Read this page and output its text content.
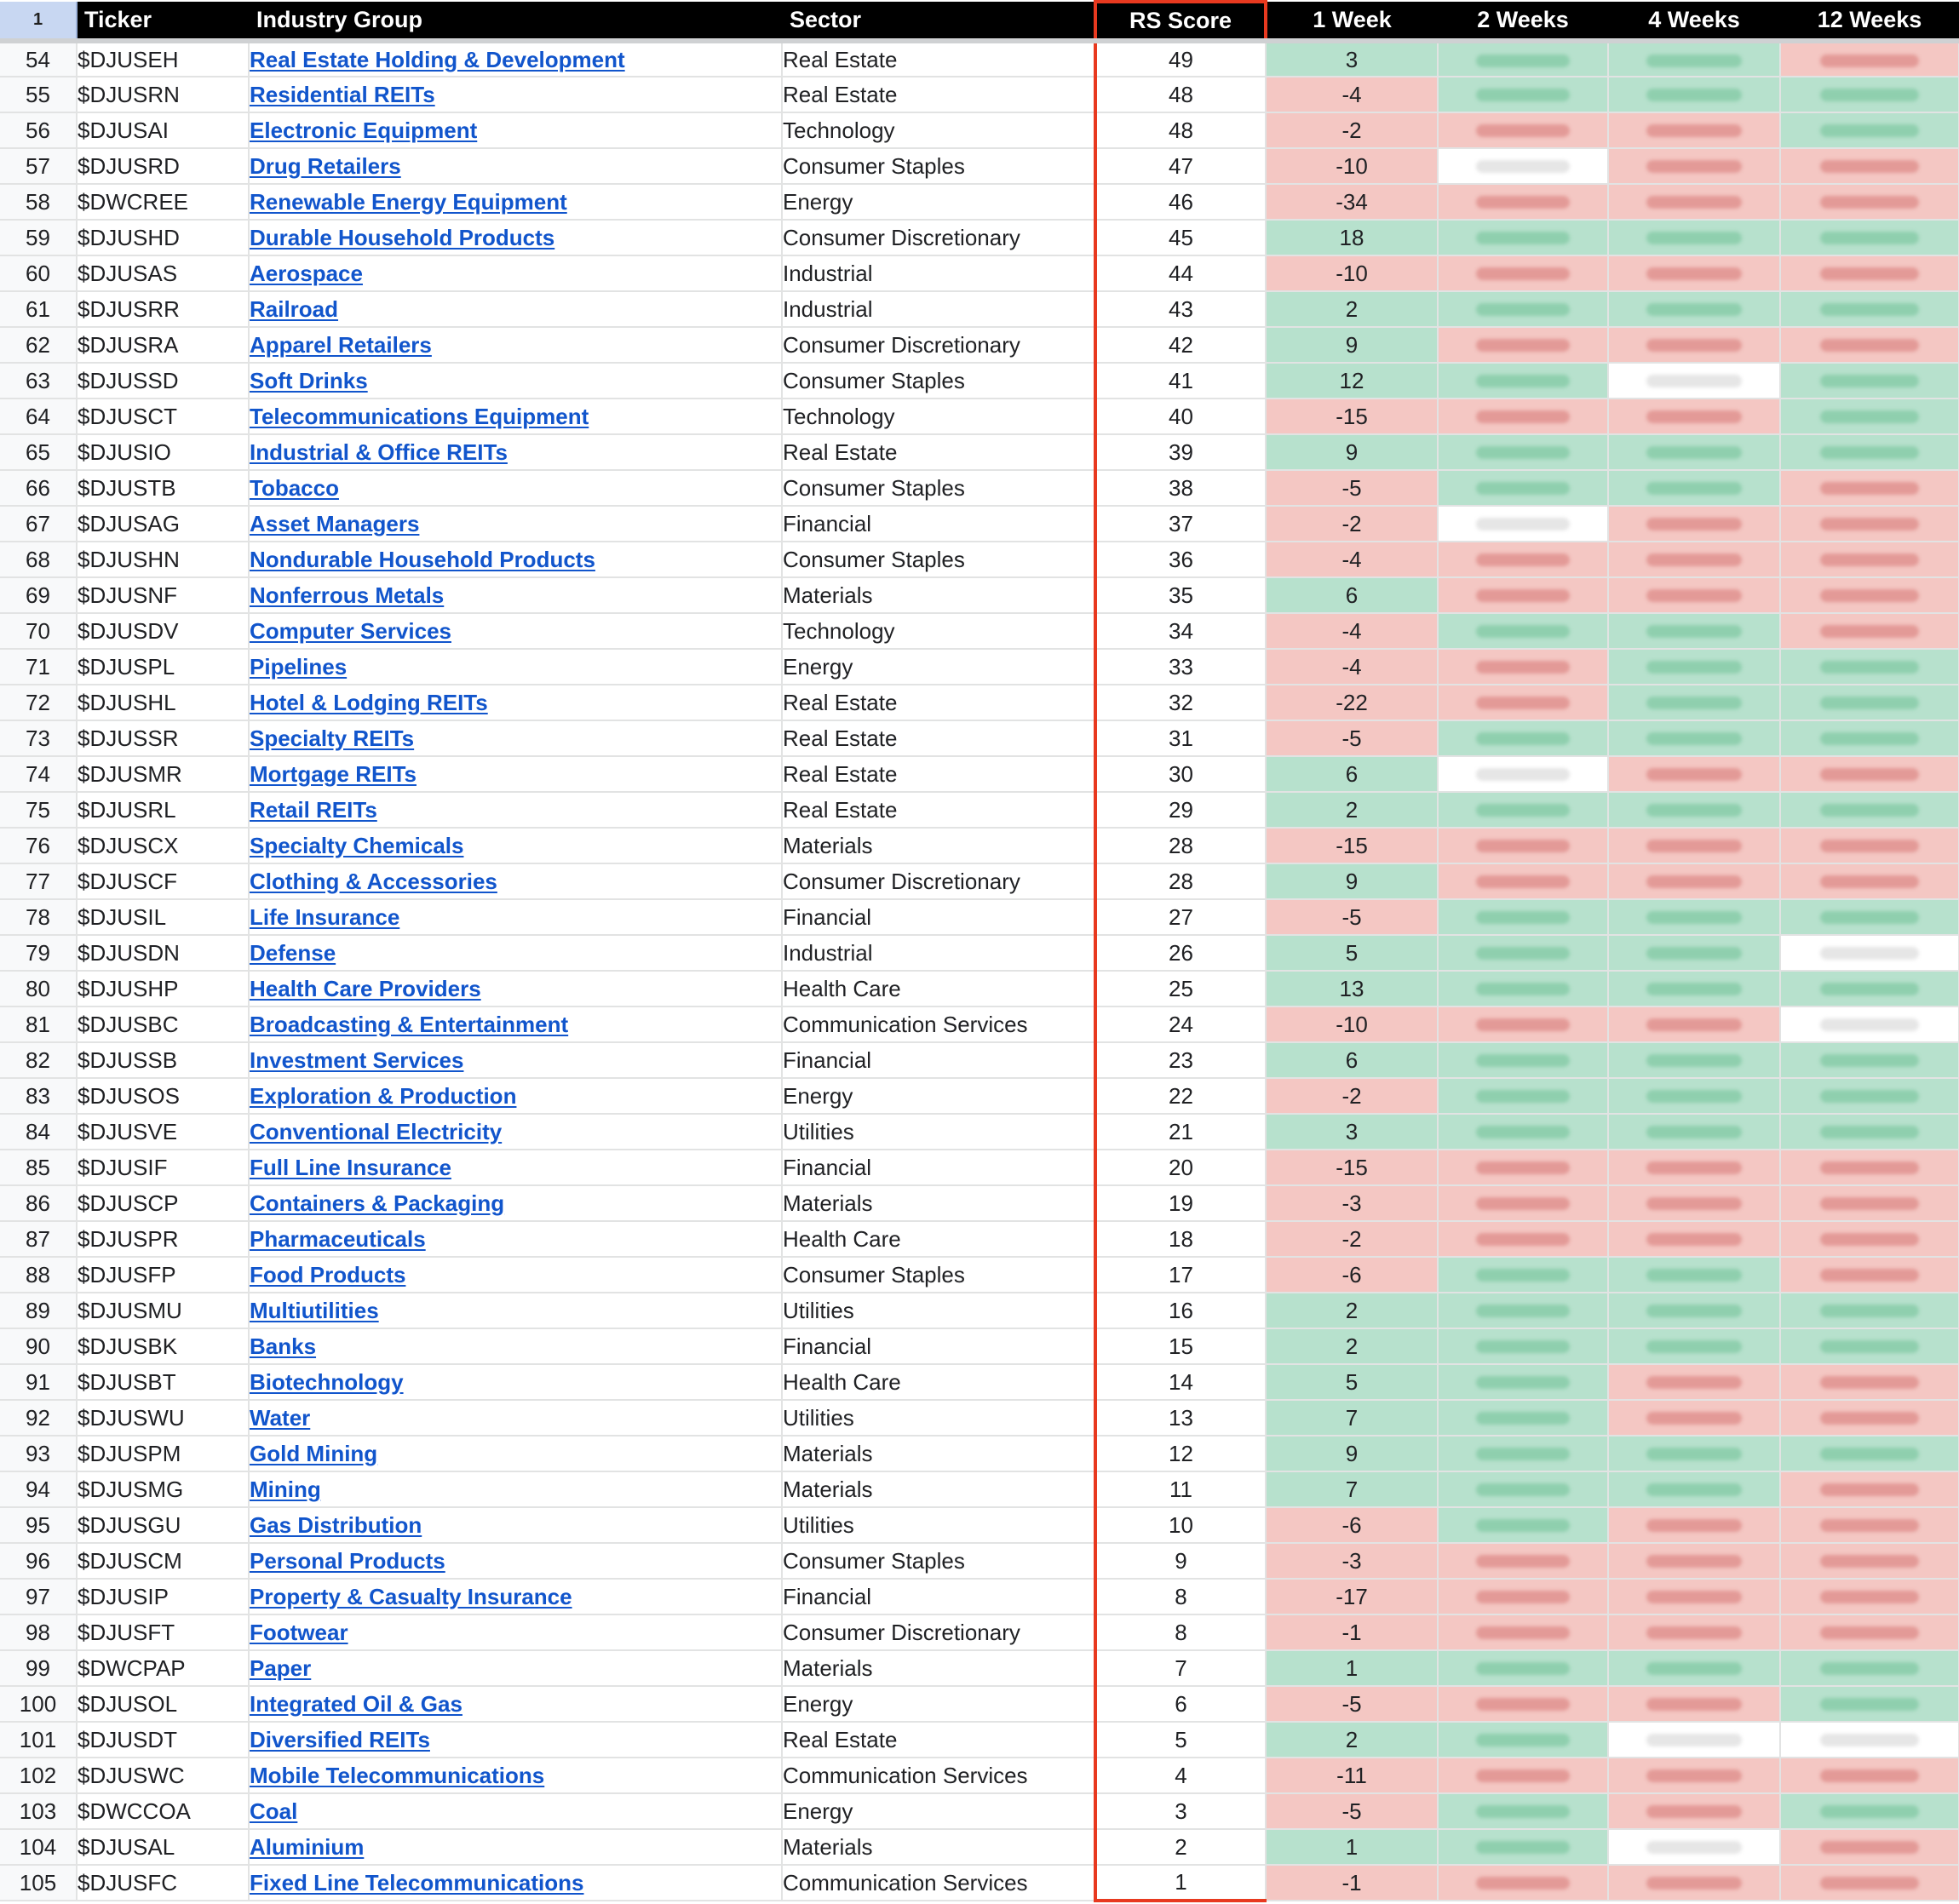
1	Ticker	Industry Group	Sector	RS Score	1 Week	2 Weeks	4 Weeks	12 Weeks
54	$DJUSEH	Real Estate Holding & Development	Real Estate	49	3	

55	$DJUSRN	Residential REITs	Real Estate	48	-4	

56	$DJUSAI	Electronic Equipment	Technology	48	-2	

57	$DJUSRD	Drug Retailers	Consumer Staples	47	-10	

58	$DWCREE	Renewable Energy Equipment	Energy	46	-34	

59	$DJUSHD	Durable Household Products	Consumer Discretionary	45	18	

60	$DJUSAS	Aerospace	Industrial	44	-10	

61	$DJUSRR	Railroad	Industrial	43	2	

62	$DJUSRA	Apparel Retailers	Consumer Discretionary	42	9	

63	$DJUSSD	Soft Drinks	Consumer Staples	41	12	

64	$DJUSCT	Telecommunications Equipment	Technology	40	-15	

65	$DJUSIO	Industrial & Office REITs	Real Estate	39	9	

66	$DJUSTB	Tobacco	Consumer Staples	38	-5	

67	$DJUSAG	Asset Managers	Financial	37	-2	

68	$DJUSHN	Nondurable Household Products	Consumer Staples	36	-4	

69	$DJUSNF	Nonferrous Metals	Materials	35	6	

70	$DJUSDV	Computer Services	Technology	34	-4	

71	$DJUSPL	Pipelines	Energy	33	-4	

72	$DJUSHL	Hotel & Lodging REITs	Real Estate	32	-22	

73	$DJUSSR	Specialty REITs	Real Estate	31	-5	

74	$DJUSMR	Mortgage REITs	Real Estate	30	6	

75	$DJUSRL	Retail REITs	Real Estate	29	2	

76	$DJUSCX	Specialty Chemicals	Materials	28	-15	

77	$DJUSCF	Clothing & Accessories	Consumer Discretionary	28	9	

78	$DJUSIL	Life Insurance	Financial	27	-5	

79	$DJUSDN	Defense	Industrial	26	5	

80	$DJUSHP	Health Care Providers	Health Care	25	13	

81	$DJUSBC	Broadcasting & Entertainment	Communication Services	24	-10	

82	$DJUSSB	Investment Services	Financial	23	6	

83	$DJUSOS	Exploration & Production	Energy	22	-2	

84	$DJUSVE	Conventional Electricity	Utilities	21	3	

85	$DJUSIF	Full Line Insurance	Financial	20	-15	

86	$DJUSCP	Containers & Packaging	Materials	19	-3	

87	$DJUSPR	Pharmaceuticals	Health Care	18	-2	

88	$DJUSFP	Food Products	Consumer Staples	17	-6	

89	$DJUSMU	Multiutilities	Utilities	16	2	

90	$DJUSBK	Banks	Financial	15	2	

91	$DJUSBT	Biotechnology	Health Care	14	5	

92	$DJUSWU	Water	Utilities	13	7	

93	$DJUSPM	Gold Mining	Materials	12	9	

94	$DJUSMG	Mining	Materials	11	7	

95	$DJUSGU	Gas Distribution	Utilities	10	-6	

96	$DJUSCM	Personal Products	Consumer Staples	9	-3	

97	$DJUSIP	Property & Casualty Insurance	Financial	8	-17	

98	$DJUSFT	Footwear	Consumer Discretionary	8	-1	

99	$DWCPAP	Paper	Materials	7	1	

100	$DJUSOL	Integrated Oil & Gas	Energy	6	-5	

101	$DJUSDT	Diversified REITs	Real Estate	5	2	

102	$DJUSWC	Mobile Telecommunications	Communication Services	4	-11	

103	$DWCCOA	Coal	Energy	3	-5	

104	$DJUSAL	Aluminium	Materials	2	1	

105	$DJUSFC	Fixed Line Telecommunications	Communication Services	1	-1	
